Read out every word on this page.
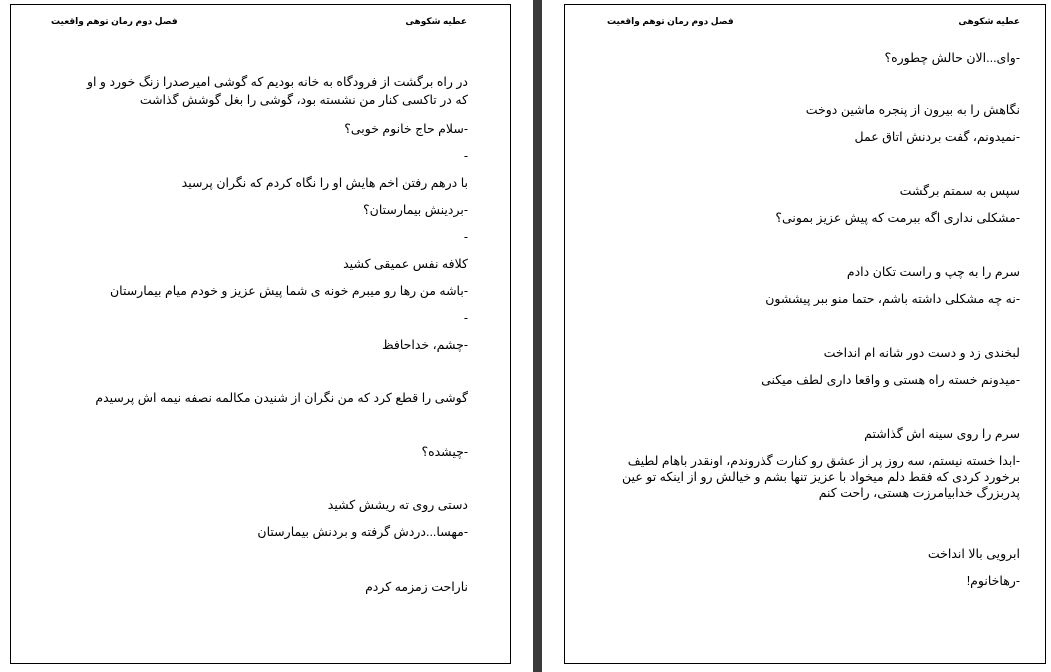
عطیه شکوهی
فصل دوم رمان توهم واقعیت
در راه برگشت از فرودگاه به خانه بودیم که گوشی امیرصدرا زنگ خورد و او
که در تاکسی کنار من نشسته بود، گوشی را بغل گوشش گذاشت
-سلام حاج خانوم خوبی؟
-
با درهم رفتن اخم هایش او را نگاه کردم که نگران پرسید
-بردینش بیمارستان؟
-
کلافه نفس عمیقی کشید
-باشه من رها رو میبرم خونه ی شما پیش عزیز و خودم میام بیمارستان
-
-چشم، خداحافظ
گوشی را قطع کرد که من نگران از شنیدن مکالمه نصفه نیمه اش پرسیدم
-چیشده؟
دستی روی ته ریشش کشید
-مهسا...دردش گرفته و بردنش بیمارستان
ناراحت زمزمه کردم
عطیه شکوهی
فصل دوم رمان توهم واقعیت
-وای...الان حالش چطوره؟
نگاهش را به بیرون از پنجره ماشین دوخت
-نمیدونم، گفت بردنش اتاق عمل
سپس به سمتم برگشت
-مشکلی نداری اگه ببرمت که پیش عزیز بمونی؟
سرم را به چپ و راست تکان دادم
-نه چه مشکلی داشته باشم، حتما منو ببر پیششون
لبخندی زد و دست دور شانه ام انداخت
-میدونم خسته راه هستی و واقعا داری لطف میکنی
سرم را روی سینه اش گذاشتم
-ابدا خسته نیستم، سه روز پر از عشق رو کنارت گذروندم، اونقدر باهام لطیف برخورد کردی که فقط دلم میخواد با عزیز تنها بشم و خیالش رو از اینکه تو عین پدربزرگ خدابیامرزت هستی، راحت کنم
ابرویی بالا انداخت
-رهاخانوم!
